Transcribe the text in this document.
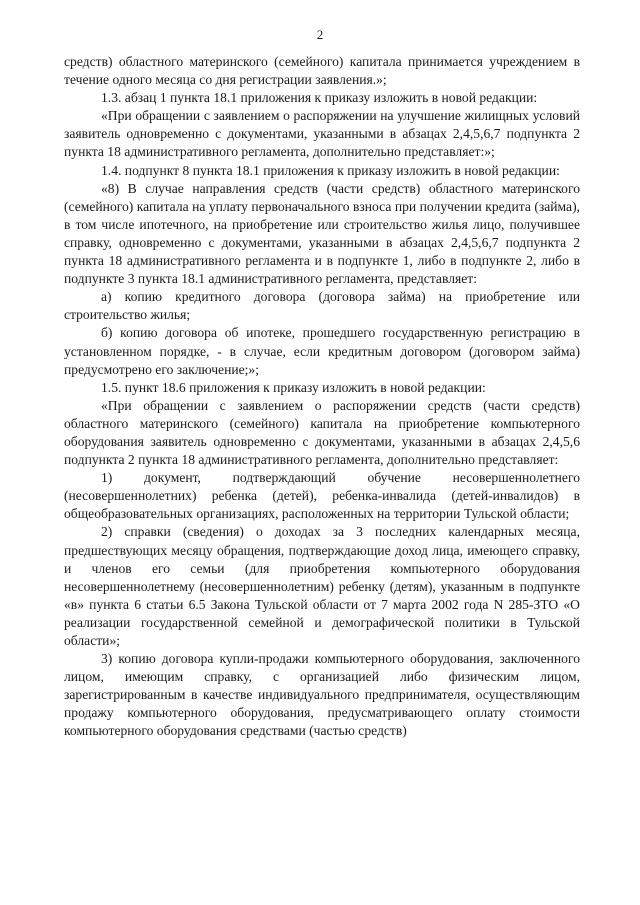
2

средств) областного материнского (семейного) капитала принимается учреждением в течение одного месяца со дня регистрации заявления.»;

1.3. абзац 1 пункта 18.1 приложения к приказу изложить в новой редакции:

«При обращении с заявлением о распоряжении на улучшение жилищных условий заявитель одновременно с документами, указанными в абзацах 2,4,5,6,7 подпункта 2 пункта 18 административного регламента, дополнительно представляет:»;

1.4. подпункт 8 пункта 18.1 приложения к приказу изложить в новой редакции:

«8) В случае направления средств (части средств) областного материнского (семейного) капитала на уплату первоначального взноса при получении кредита (займа), в том числе ипотечного, на приобретение или строительство жилья лицо, получившее справку, одновременно с документами, указанными в абзацах 2,4,5,6,7 подпункта 2 пункта 18 административного регламента и в подпункте 1, либо в подпункте 2, либо в подпункте 3 пункта 18.1 административного регламента, представляет:

а) копию кредитного договора (договора займа) на приобретение или строительство жилья;

б) копию договора об ипотеке, прошедшего государственную регистрацию в установленном порядке, - в случае, если кредитным договором (договором займа) предусмотрено его заключение;»;

1.5. пункт 18.6 приложения к приказу изложить в новой редакции:

«При обращении с заявлением о распоряжении средств (части средств) областного материнского (семейного) капитала на приобретение компьютерного оборудования заявитель одновременно с документами, указанными в абзацах 2,4,5,6 подпункта 2 пункта 18 административного регламента, дополнительно представляет:

1) документ, подтверждающий обучение несовершеннолетнего (несовершеннолетних) ребенка (детей), ребенка-инвалида (детей-инвалидов) в общеобразовательных организациях, расположенных на территории Тульской области;

2) справки (сведения) о доходах за 3 последних календарных месяца, предшествующих месяцу обращения, подтверждающие доход лица, имеющего справку, и членов его семьи (для приобретения компьютерного оборудования несовершеннолетнему (несовершеннолетним) ребенку (детям), указанным в подпункте «в» пункта 6 статьи 6.5 Закона Тульской области от 7 марта 2002 года N 285-ЗТО «О реализации государственной семейной и демографической политики в Тульской области»;

3) копию договора купли-продажи компьютерного оборудования, заключенного лицом, имеющим справку, с организацией либо физическим лицом, зарегистрированным в качестве индивидуального предпринимателя, осуществляющим продажу компьютерного оборудования, предусматривающего оплату стоимости компьютерного оборудования средствами (частью средств)
